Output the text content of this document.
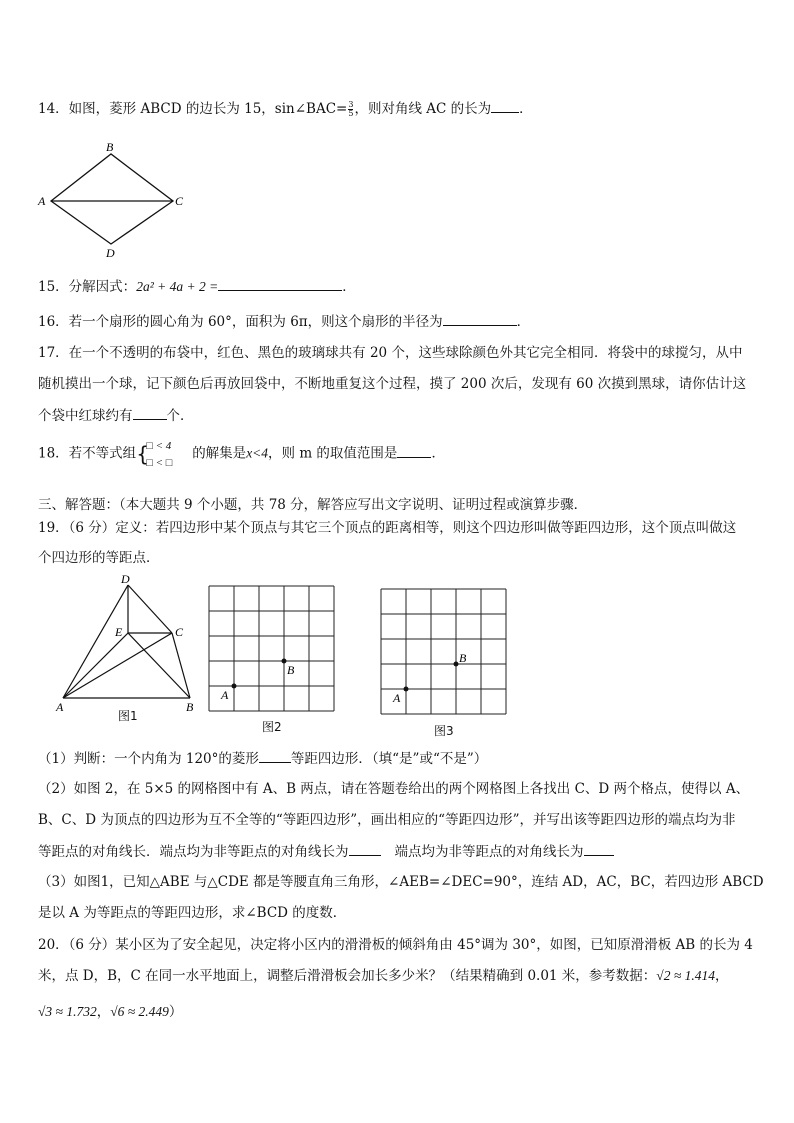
14．如图，菱形 ABCD 的边长为 15，sin∠BAC= $\frac{3}{5}$ ，则对角线 AC 的长为 ．
B
A	C
D
15．分解因式：2a² + 4a + 2 =	．
16．若一个扇形的圆心角为 60°，面积为 6π，则这个扇形的半径为	．
17．在一个不透明的布袋中，红色、黑色的玻璃球共有 20 个，这些球除颜色外其它完全相同．将袋中的球搅匀，从中
随机摸出一个球，记下颜色后再放回袋中，不断地重复这个过程，摸了 200 次后，发现有 60 次摸到黑球，请你估计这
个袋中红球约有	个．
18．若不等式组 {
□ < 4
□ < □
的解集是x<4，则 m 的取值范围是	．
三、解答题：（本大题共 9 个小题，共 78 分，解答应写出文字说明、证明过程或演算步骤．
19．（6 分）定义：若四边形中某个顶点与其它三个顶点的距离相等，则这个四边形叫做等距四边形，这个顶点叫做这
个四边形的等距点．
D
E	C
A	B
图1
A
B
图2
A
B
图3
（1）判断：一个内角为 120°的菱形 等距四边形．（填“是”或“不是”）
（2）如图 2，在 5×5 的网格图中有 A、B 两点，请在答题卷给出的两个网格图上各找出 C、D 两个格点，使得以 A、
B、C、D 为顶点的四边形为互不全等的“等距四边形”，画出相应的“等距四边形”，并写出该等距四边形的端点均为非
等距点的对角线长．端点均为非等距点的对角线长为	端点均为非等距点的对角线长为
（3）如图1，已知△ABE 与△CDE 都是等腰直角三角形，∠AEB=∠DEC=90°，连结 AD，AC，BC，若四边形 ABCD
是以 A 为等距点的等距四边形，求∠BCD 的度数．
20．（6 分）某小区为了安全起见，决定将小区内的滑滑板的倾斜角由 45°调为 30°，如图，已知原滑滑板 AB 的长为 4
米，点 D，B，C 在同一水平地面上，调整后滑滑板会加长多少米？（结果精确到 0.01 米，参考数据：√2 ≈ 1.414，
√3 ≈ 1.732，√6 ≈ 2.449）
